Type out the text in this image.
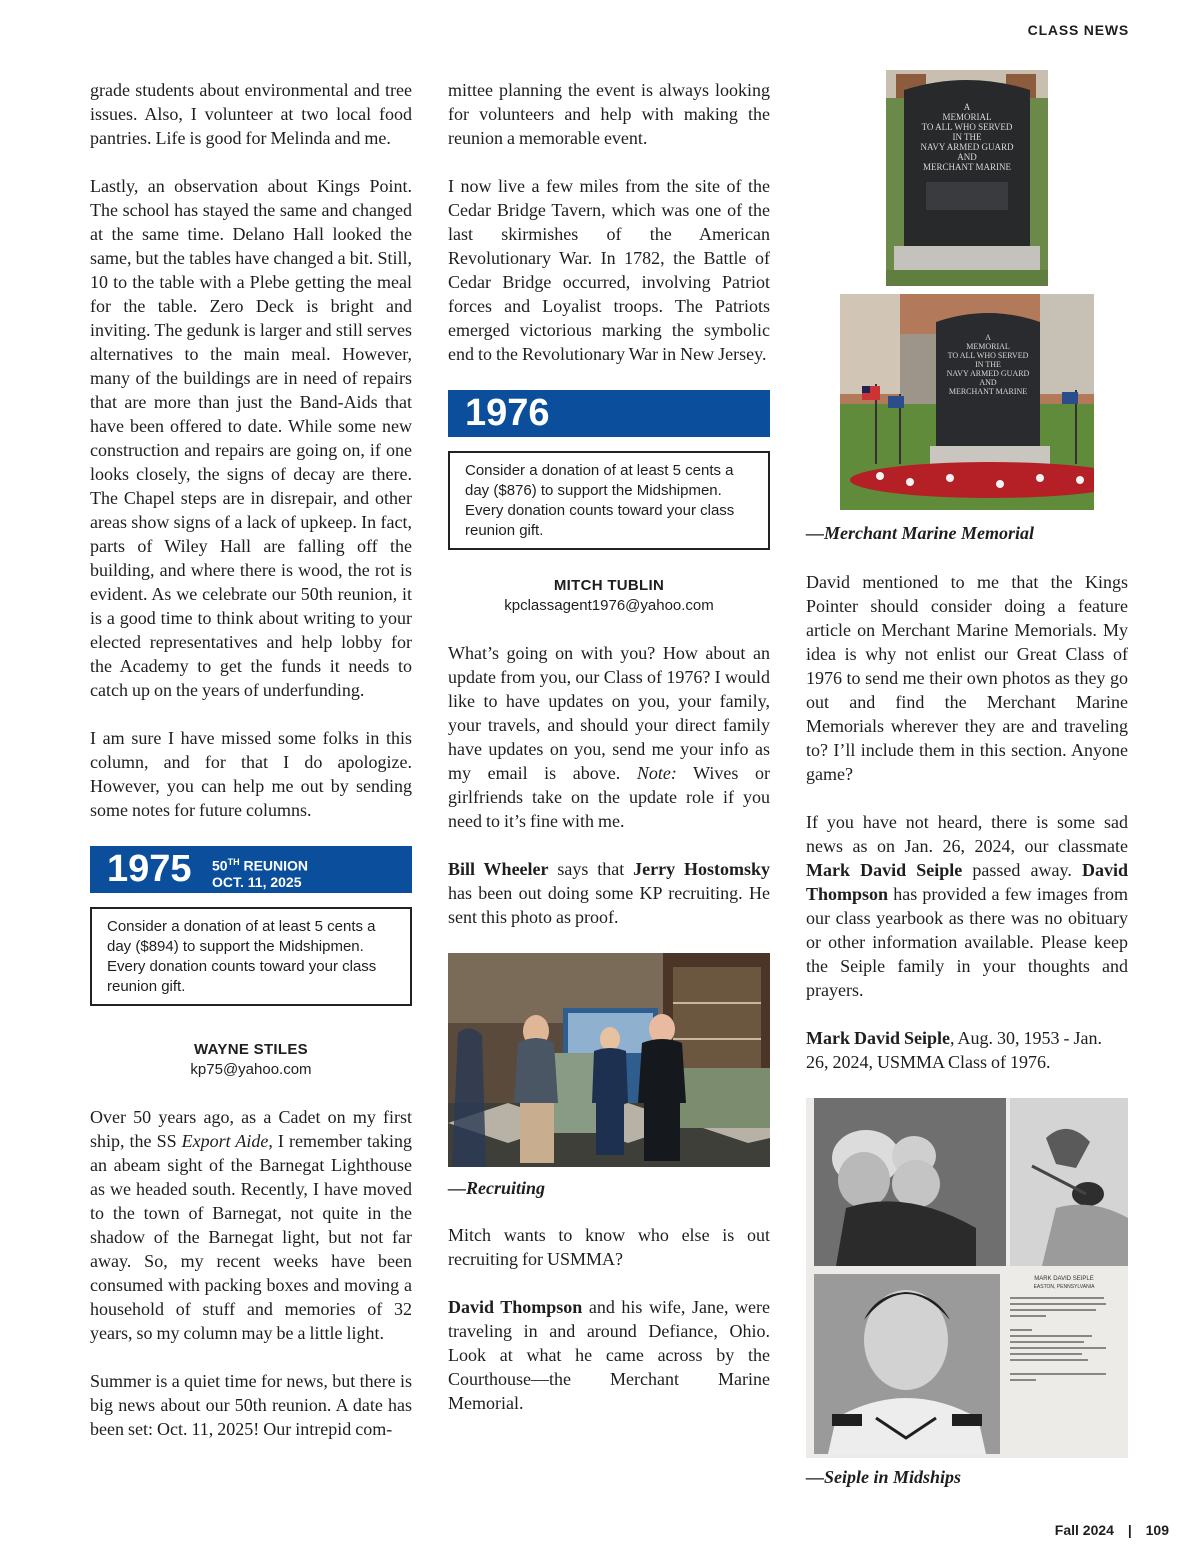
CLASS NEWS

grade students about environmental and tree issues. Also, I volunteer at two local food pantries. Life is good for Melinda and me.

Lastly, an observation about Kings Point. The school has stayed the same and changed at the same time. Delano Hall looked the same, but the tables have changed a bit. Still, 10 to the table with a Plebe getting the meal for the table. Zero Deck is bright and inviting. The gedunk is larger and still serves alternatives to the main meal. However, many of the buildings are in need of repairs that are more than just the Band-Aids that have been offered to date. While some new construction and repairs are going on, if one looks closely, the signs of decay are there. The Chapel steps are in disrepair, and other areas show signs of a lack of upkeep. In fact, parts of Wiley Hall are falling off the building, and where there is wood, the rot is evident. As we celebrate our 50th reunion, it is a good time to think about writing to your elected representatives and help lobby for the Academy to get the funds it needs to catch up on the years of underfunding.

I am sure I have missed some folks in this column, and for that I do apologize. However, you can help me out by sending some notes for future columns.

1975 50TH REUNION
OCT. 11, 2025
Consider a donation of at least 5 cents a day ($894) to support the Midshipmen. Every donation counts toward your class reunion gift.
WAYNE STILES
kp75@yahoo.com

Over 50 years ago, as a Cadet on my first ship, the SS Export Aide, I remember taking an abeam sight of the Barnegat Lighthouse as we headed south. Recently, I have moved to the town of Barnegat, not quite in the shadow of the Barnegat light, but not far away. So, my recent weeks have been consumed with packing boxes and moving a household of stuff and memories of 32 years, so my column may be a little light.

Summer is a quiet time for news, but there is big news about our 50th reunion. A date has been set: Oct. 11, 2025! Our intrepid com-

mittee planning the event is always looking for volunteers and help with making the reunion a memorable event.

I now live a few miles from the site of the Cedar Bridge Tavern, which was one of the last skirmishes of the American Revolutionary War. In 1782, the Battle of Cedar Bridge occurred, involving Patriot forces and Loyalist troops. The Patriots emerged victorious marking the symbolic end to the Revolutionary War in New Jersey.

1976
Consider a donation of at least 5 cents a day ($876) to support the Midshipmen. Every donation counts toward your class reunion gift.
MITCH TUBLIN
kpclassagent1976@yahoo.com

What’s going on with you? How about an update from you, our Class of 1976? I would like to have updates on you, your family, your travels, and should your direct family have updates on you, send me your info as my email is above. Note: Wives or girlfriends take on the update role if you need to it’s fine with me.

Bill Wheeler says that Jerry Hostomsky has been out doing some KP recruiting. He sent this photo as proof.

—Recruiting

Mitch wants to know who else is out recruiting for USMMA?

David Thompson and his wife, Jane, were traveling in and around Defiance, Ohio. Look at what he came across by the Courthouse—the Merchant Marine Memorial.

A
MEMORIAL
TO ALL WHO SERVED
IN THE
NAVY ARMED GUARD
AND
MERCHANT MARINE
A
MEMORIAL
TO ALL WHO SERVED
IN THE
NAVY ARMED GUARD
AND
MERCHANT MARINE
—Merchant Marine Memorial

David mentioned to me that the Kings Pointer should consider doing a feature article on Merchant Marine Memorials. My idea is why not enlist our Great Class of 1976 to send me their own photos as they go out and find the Merchant Marine Memorials wherever they are and traveling to? I’ll include them in this section. Anyone game?

If you have not heard, there is some sad news as on Jan. 26, 2024, our classmate Mark David Seiple passed away. David Thompson has provided a few images from our class yearbook as there was no obituary or other information available. Please keep the Seiple family in your thoughts and prayers.

Mark David Seiple, Aug. 30, 1953 - Jan. 26, 2024, USMMA Class of 1976.

MARK DAVID SEIPLE
EASTON, PENNSYLVANIA
—Seiple in Midships
Fall 2024 | 109
